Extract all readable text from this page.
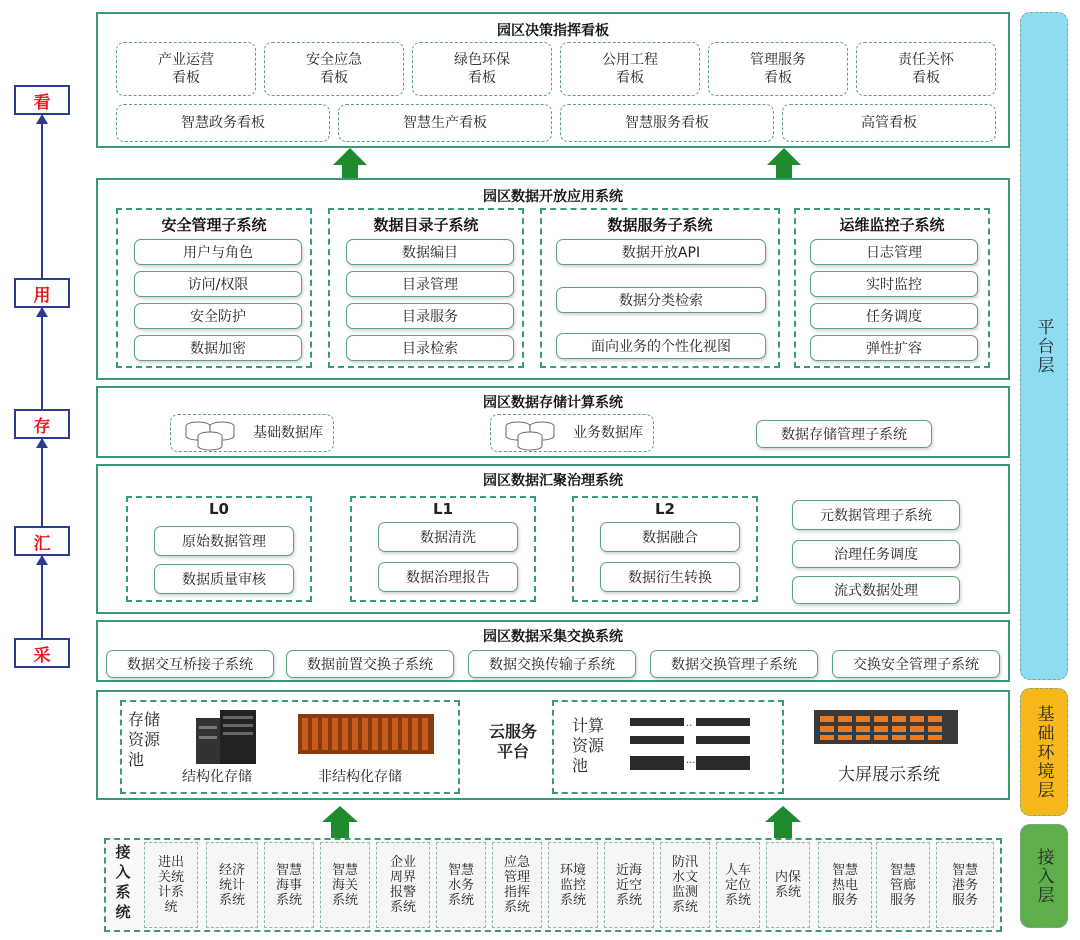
看
用
存
汇
采
平台层
基础环境层
接入层
园区决策指挥看板
产业运营
看板
安全应急
看板
绿色环保
看板
公用工程
看板
管理服务
看板
责任关怀
看板
智慧政务看板	智慧生产看板	智慧服务看板	高管看板
园区数据开放应用系统
安全管理子系统
用户与角色
访问/权限
安全防护
数据加密
数据目录子系统
数据编目
目录管理
目录服务
目录检索
数据服务子系统
数据开放API
数据分类检索
面向业务的个性化视图
运维监控子系统
日志管理
实时监控
任务调度
弹性扩容
园区数据存储计算系统
基础数据库	业务数据库	数据存储管理子系统
园区数据汇聚治理系统
L0
原始数据管理
数据质量审核
L1
数据清洗
数据治理报告
L2
数据融合
数据衍生转换
元数据管理子系统
治理任务调度
流式数据处理
园区数据采集交换系统
数据交互桥接子系统	数据前置交换子系统	数据交换传输子系统	数据交换管理子系统	交换安全管理子系统
存储
资源
池
结构化存储	非结构化存储
云服务
平台
计算
资源
池
..
···
大屏展示系统
接
入
系
统
进出
关统
计系
统
经济
统计
系统
智慧
海事
系统
智慧
海关
系统
企业
周界
报警
系统
智慧
水务
系统
应急
管理
指挥
系统
环境
监控
系统
近海
近空
系统
防汛
水文
监测
系统
人车
定位
系统
内保
系统
智慧
热电
服务
智慧
管廊
服务
智慧
港务
服务
